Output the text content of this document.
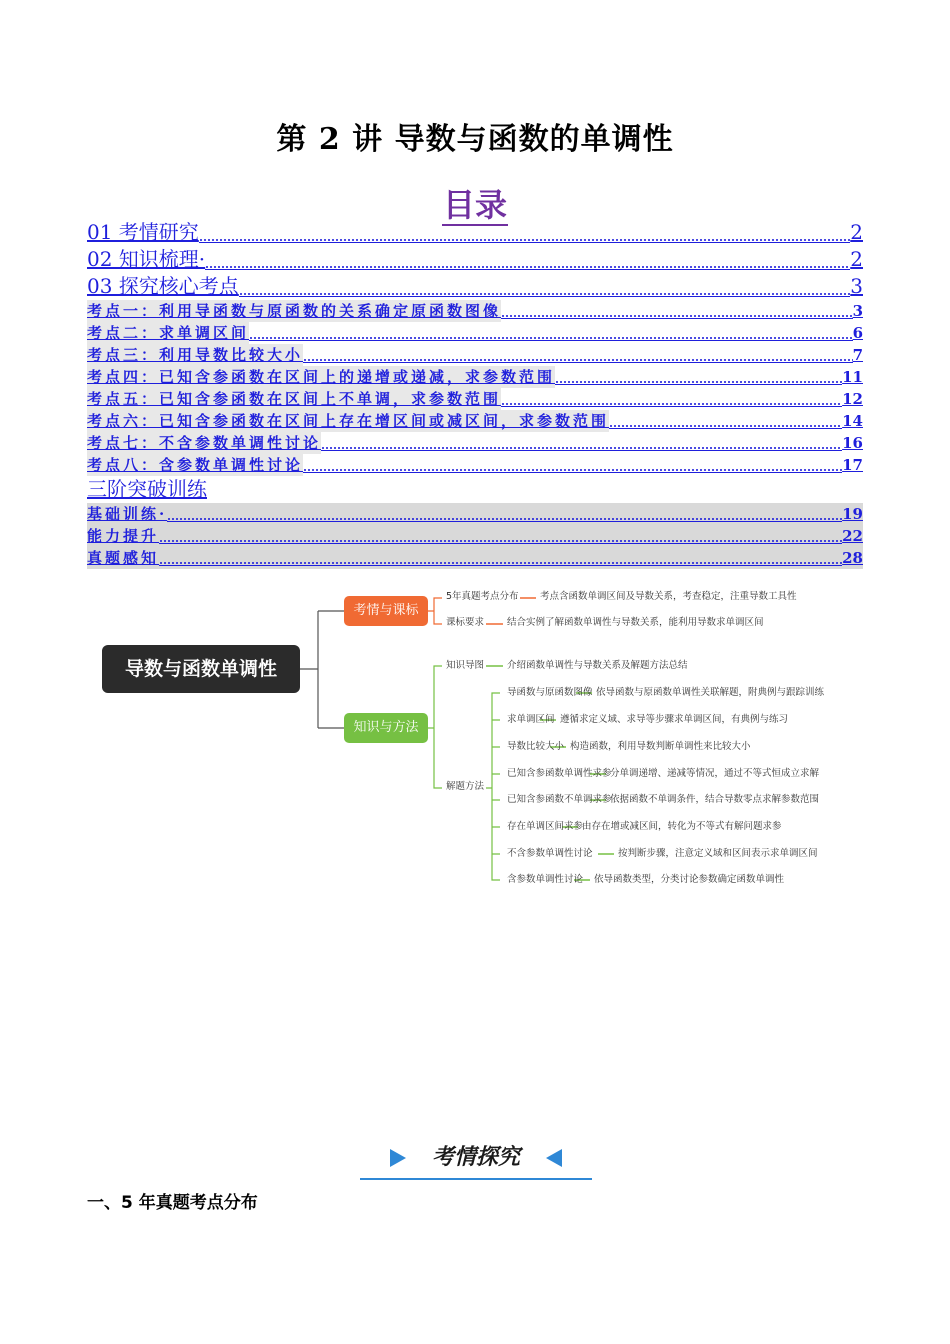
第 2 讲 导数与函数的单调性
目录
01 考情研究	2
02 知识梳理·	2
03 探究核心考点	3
考点一：利用导函数与原函数的关系确定原函数图像	3
考点二：求单调区间	6
考点三：利用导数比较大小	7
考点四：已知含参函数在区间上的递增或递减，求参数范围	11
考点五：已知含参函数在区间上不单调，求参数范围	12
考点六：已知含参函数在区间上存在增区间或减区间，求参数范围	14
考点七：不含参数单调性讨论	16
考点八：含参数单调性讨论	17
三阶突破训练
基础训练·	19
能力提升	22
真题感知	28
导数与函数单调性
考情与课标
知识与方法
5年真题考点分布 考点含函数单调区间及导数关系，考查稳定，注重导数工具性
课标要求 结合实例了解函数单调性与导数关系，能利用导数求单调区间
知识导图 介绍函数单调性与导数关系及解题方法总结
解题方法
导函数与原函数图像 依导函数与原函数单调性关联解题，附典例与跟踪训练
求单调区间 遵循求定义域、求导等步骤求单调区间，有典例与练习
导数比较大小 构造函数，利用导数判断单调性来比较大小
已知含参函数单调性求参
分单调递增、递减等情况，通过不等式恒成立求解
已知含参函数不单调求参
依据函数不单调条件，结合导数零点求解参数范围
存在单调区间求参
由存在增或减区间，转化为不等式有解问题求参
不含参数单调性讨论	按判断步骤，注意定义域和区间表示求单调区间
含参数单调性讨论 依导函数类型，分类讨论参数确定函数单调性
考情探究
一、5 年真题考点分布
